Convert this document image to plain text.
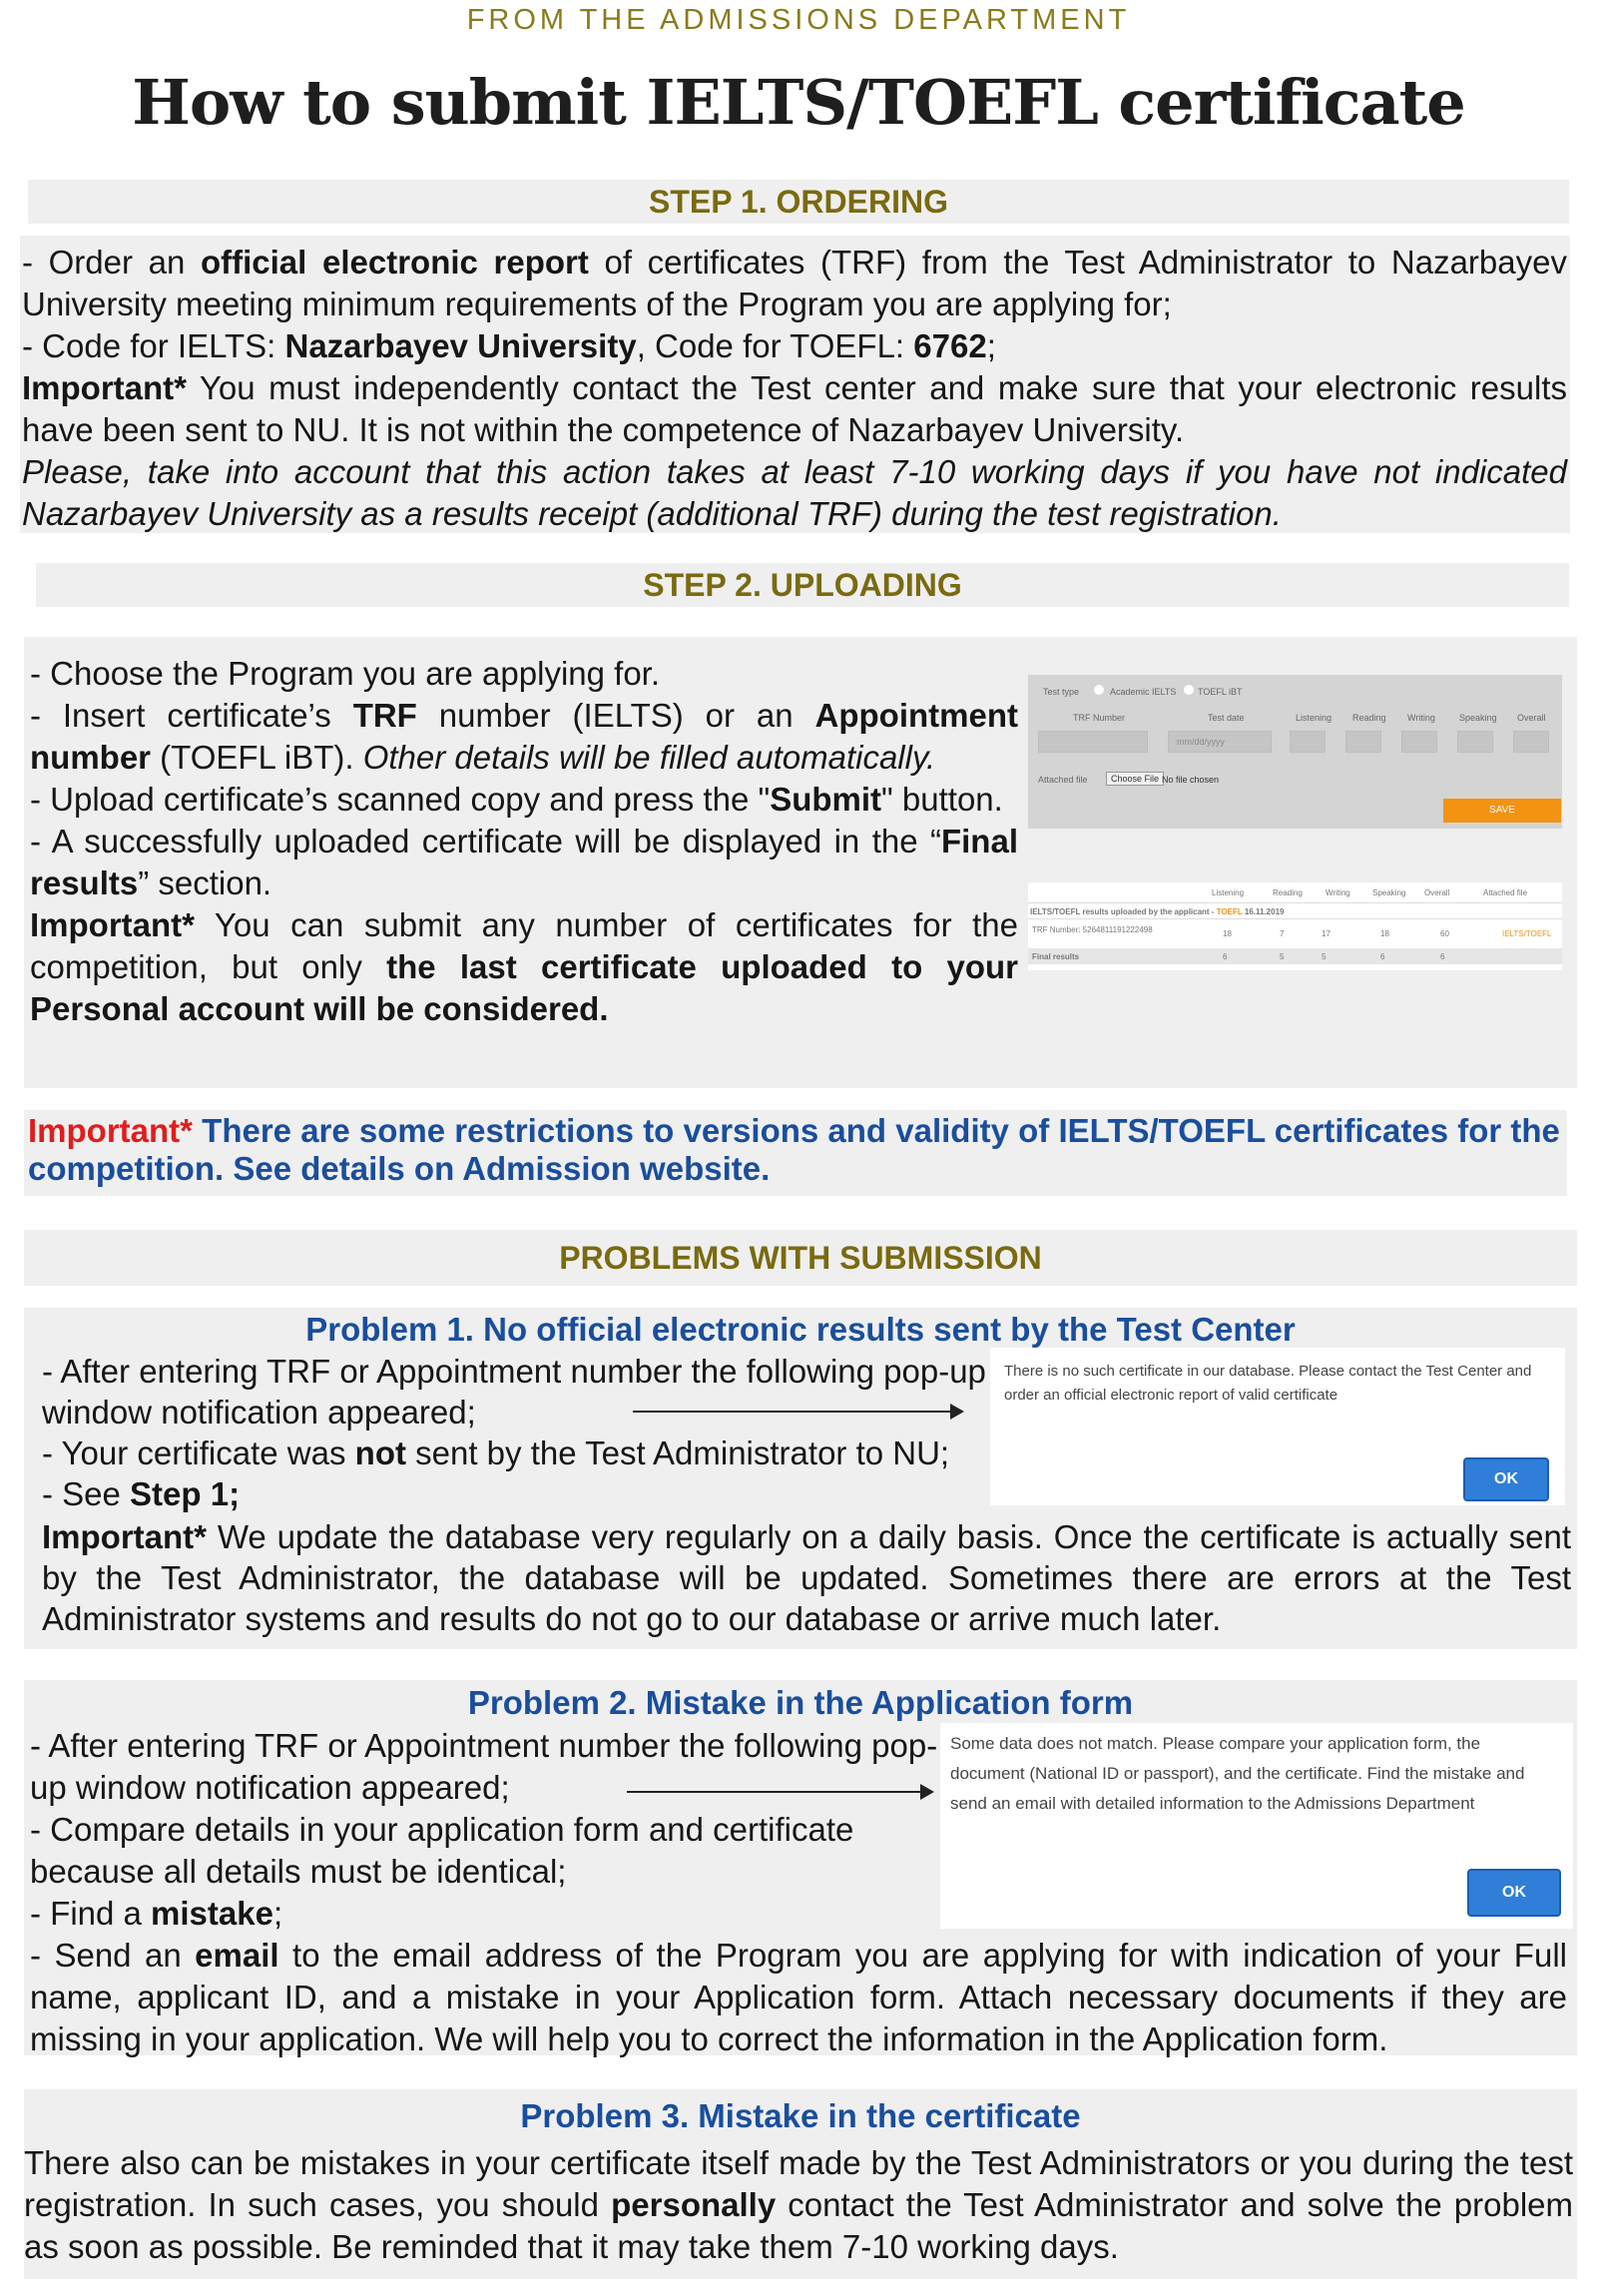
FROM THE ADMISSIONS DEPARTMENT
How to submit IELTS/TOEFL certificate
STEP 1. ORDERING
- Order an official electronic report of certificates (TRF) from the Test Administrator to Nazarbayev University meeting minimum requirements of the Program you are applying for;
- Code for IELTS: Nazarbayev University, Code for TOEFL: 6762;
Important* You must independently contact the Test center and make sure that your electronic results have been sent to NU. It is not within the competence of Nazarbayev University.
Please, take into account that this action takes at least 7-10 working days if you have not indicated Nazarbayev University as a results receipt (additional TRF) during the test registration.
STEP 2. UPLOADING
- Choose the Program you are applying for.
- Insert certificate’s TRF number (IELTS) or an Appointment number (TOEFL iBT). Other details will be filled automatically.
- Upload certificate’s scanned copy and press the "Submit" button.
- A successfully uploaded certificate will be displayed in the “Final results” section.
Important* You can submit any number of certificates for the competition, but only the last certificate uploaded to your Personal account will be considered.
Test type	Academic IELTS TOEFL iBT
TRF Number	Test date	Listening Reading Writing	Speaking Overall
mm/dd/yyyy
Attached file	Choose File No file chosen
SAVE
Listening	Reading	Writing	Speaking Overall	Attached file
IELTS/TOEFL results uploaded by the applicant - TOEFL 16.11.2019
TRF Number: 5264811191222498	18	7	17	18	60	IELTS/TOEFL
Final results	6	5	5	6	6
Important* There are some restrictions to versions and validity of IELTS/TOEFL certificates for the competition. See details on Admission website.
PROBLEMS WITH SUBMISSION
Problem 1. No official electronic results sent by the Test Center
- After entering TRF or Appointment number the following pop-up window notification appeared;
- Your certificate was not sent by the Test Administrator to NU;
- See Step 1;
There is no such certificate in our database. Please contact the Test Center and order an official electronic report of valid certificate
OK
Important* We update the database very regularly on a daily basis. Once the certificate is actually sent by the Test Administrator, the database will be updated. Sometimes there are errors at the Test Administrator systems and results do not go to our database or arrive much later.
Problem 2. Mistake in the Application form
- After entering TRF or Appointment number the following pop-up window notification appeared;
- Compare details in your application form and certificate because all details must be identical;
- Find a mistake;
Some data does not match. Please compare your application form, the document (National ID or passport), and the certificate. Find the mistake and send an email with detailed information to the Admissions Department
OK
- Send an email to the email address of the Program you are applying for with indication of your Full name, applicant ID, and a mistake in your Application form. Attach necessary documents if they are missing in your application. We will help you to correct the information in the Application form.
Problem 3. Mistake in the certificate
There also can be mistakes in your certificate itself made by the Test Administrators or you during the test registration. In such cases, you should personally contact the Test Administrator and solve the problem as soon as possible. Be reminded that it may take them 7-10 working days.
